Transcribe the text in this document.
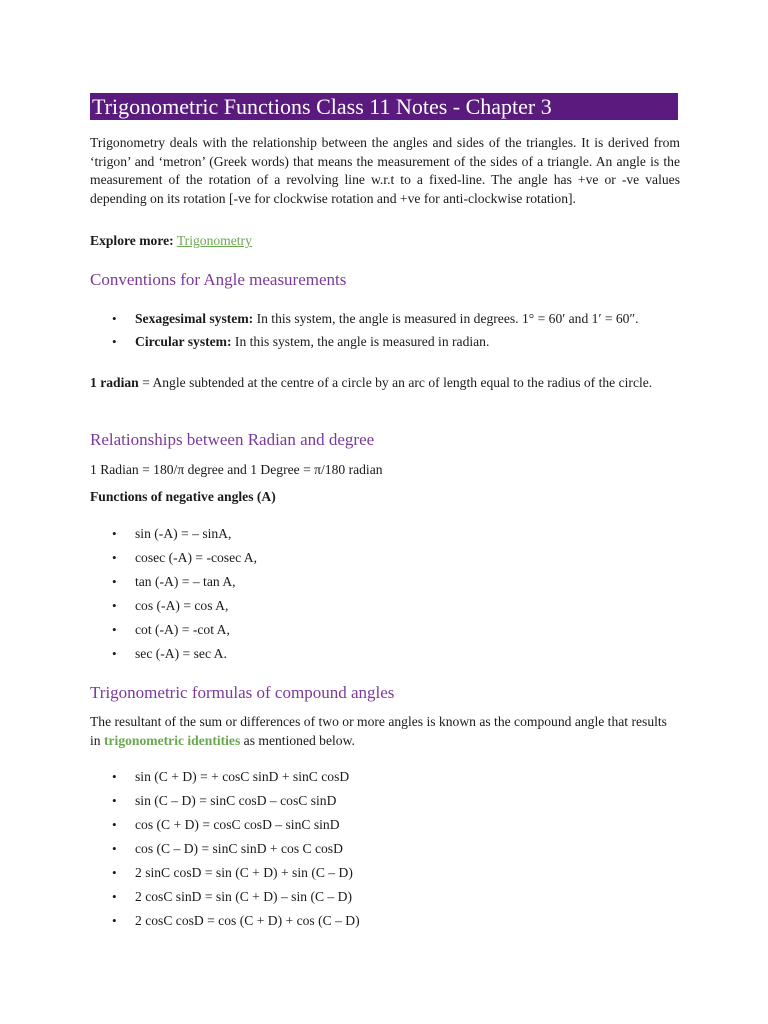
Trigonometric Functions Class 11 Notes - Chapter 3
Trigonometry deals with the relationship between the angles and sides of the triangles. It is derived from ‘trigon’ and ‘metron’ (Greek words) that means the measurement of the sides of a triangle. An angle is the measurement of the rotation of a revolving line w.r.t to a fixed-line. The angle has +ve or -ve values depending on its rotation [-ve for clockwise rotation and +ve for anti-clockwise rotation].
Explore more: Trigonometry
Conventions for Angle measurements
• Sexagesimal system: In this system, the angle is measured in degrees. 1° = 60′ and 1′ = 60″.
• Circular system: In this system, the angle is measured in radian.
1 radian = Angle subtended at the centre of a circle by an arc of length equal to the radius of the circle.
Relationships between Radian and degree
1 Radian = 180/π degree and 1 Degree = π/180 radian
Functions of negative angles (A)
• sin (-A) = – sinA,
• cosec (-A) = -cosec A,
• tan (-A) = – tan A,
• cos (-A) = cos A,
• cot (-A) = -cot A,
• sec (-A) = sec A.
Trigonometric formulas of compound angles
The resultant of the sum or differences of two or more angles is known as the compound angle that results in trigonometric identities as mentioned below.
• sin (C + D) = + cosC sinD + sinC cosD
• sin (C – D) = sinC cosD – cosC sinD
• cos (C + D) = cosC cosD – sinC sinD
• cos (C – D) = sinC sinD + cos C cosD
• 2 sinC cosD = sin (C + D) + sin (C – D)
• 2 cosC sinD = sin (C + D) – sin (C – D)
• 2 cosC cosD = cos (C + D) + cos (C – D)
